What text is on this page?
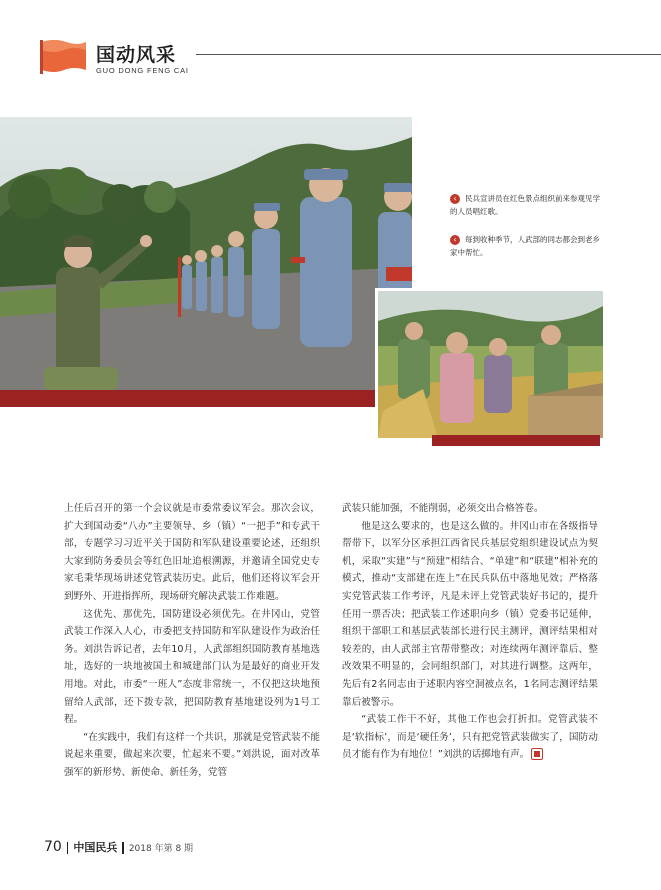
国动风采
GUO DONG FENG CAI
‹ 民兵宣讲员在红色景点组织前来参观见学的人员唱红歌。
‹ 每到收种季节，人武部的同志都会到老乡家中帮忙。

上任后召开的第一个会议就是市委常委议军会。那次会议，扩大到国动委“八办”主要领导、乡（镇）“一把手”和专武干部，专题学习习近平关于国防和军队建设重要论述，还组织大家到防务委员会等红色旧址追根溯源，并邀请全国党史专家毛秉华现场讲述党管武装历史。此后，他们还将议军会开到野外、开进指挥所，现场研究解决武装工作难题。

这优先、那优先，国防建设必须优先。在井冈山，党管武装工作深入人心，市委把支持国防和军队建设作为政治任务。刘洪告诉记者，去年10月，人武部组织国防教育基地选址，选好的一块地被国土和城建部门认为是最好的商业开发用地。对此，市委“一班人”态度非常统一，不仅把这块地预留给人武部，还下拨专款，把国防教育基地建设列为1号工程。

“在实践中，我们有这样一个共识，那就是党管武装不能说起来重要，做起来次要，忙起来不要。”刘洪说，面对改革强军的新形势、新使命、新任务，党管

武装只能加强，不能削弱，必须交出合格答卷。

他是这么要求的，也是这么做的。井冈山市在各级指导帮带下，以军分区承担江西省民兵基层党组织建设试点为契机，采取“实建”与“预建”相结合、“单建”和“联建”相补充的模式，推动“支部建在连上”在民兵队伍中落地见效；严格落实党管武装工作考评，凡是未评上党管武装好书记的，提升任用一票否决；把武装工作述职向乡（镇）党委书记延伸，组织干部职工和基层武装部长进行民主测评，测评结果相对较差的，由人武部主官帮带整改；对连续两年测评靠后、整改效果不明显的，会同组织部门，对其进行调整。这两年，先后有2名同志由于述职内容空洞被点名，1名同志测评结果靠后被警示。

“武装工作干不好，其他工作也会打折扣。党管武装不是‘软指标’，而是‘硬任务’，只有把党管武装做实了，国防动员才能有作为有地位！”刘洪的话掷地有声。

70 中国民兵 2018 年第 8 期
